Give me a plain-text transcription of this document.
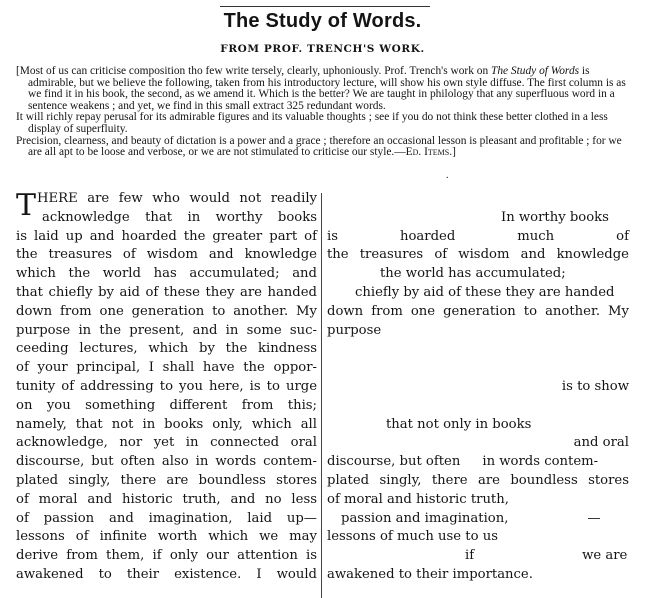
The Study of Words.
FROM PROF. TRENCH'S WORK.

[Most of us can criticise composition tho few write tersely, clearly, uphoniously. Prof. Trench's work on The Study of Words is admirable, but we believe the following, taken from his introductory lecture, will show his own style diffuse. The first column is as we find it in his book, the second, as we amend it. Which is the better? We are taught in philology that any superfluous word in a sentence weakens ; and yet, we find in this small extract 325 redundant words.

It will richly repay perusal for its admirable figures and its valuable thoughts ; see if you do not think these better clothed in a less display of superfluity.

Precision, clearness, and beauty of dictation is a power and a grace ; therefore an occasional lesson is pleasant and profitable ; for we are all apt to be loose and verbose, or we are not stimulated to criticise our style.—Ed. Items.]

.
THERE are few who would not readily
acknowledge that in worthy books
is laid up and hoarded the greater part of
the treasures of wisdom and knowledge
which the world has accumulated; and
that chiefly by aid of these they are handed
down from one generation to another. My
purpose in the present, and in some suc-
ceeding lectures, which by the kindness
of your principal, I shall have the oppor-
tunity of addressing to you here, is to urge
on you something different from this;
namely, that not in books only, which all
acknowledge, nor yet in connected oral
discourse, but often also in words contem-
plated singly, there are boundless stores
of moral and historic truth, and no less
of passion and imagination, laid up—
lessons of infinite worth which we may
derive from them, if only our attention is
awakened to their existence. I would
In worthy books
is	hoarded	much	of
the treasures of wisdom and knowledge
the world has accumulated;
chiefly by aid of these they are handed
down from one generation to another. My
purpose
is to show
that not only in books
and oral
discourse, but often in words contem-
plated singly, there are boundless stores
of moral and historic truth,
passion and imagination,	—
lessons of much use to us
if	we are
awakened to their importance.
